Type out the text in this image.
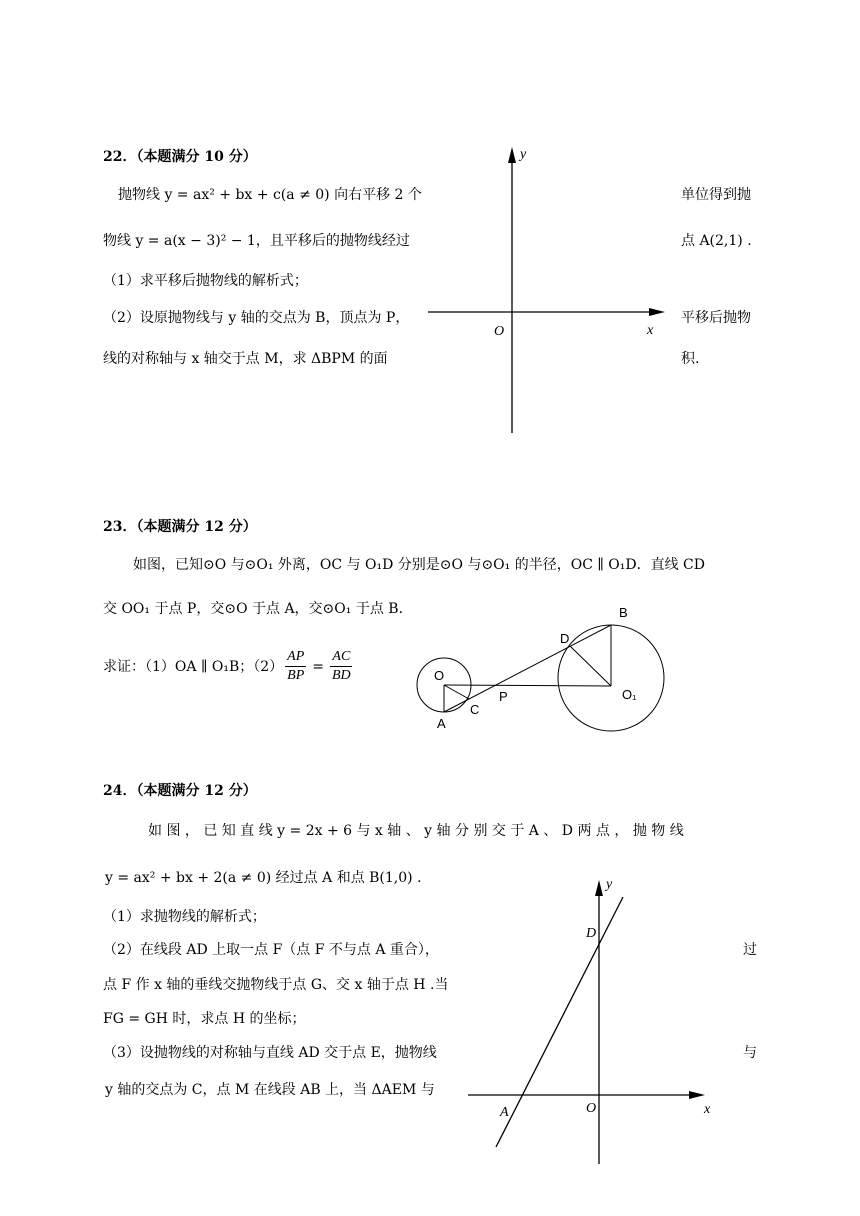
22．（本题满分 10 分）
抛物线 y = ax² + bx + c(a ≠ 0) 向右平移 2 个	单位得到抛
物线 y = a(x − 3)² − 1，且平移后的抛物线经过	点 A(2,1) .
（1）求平移后抛物线的解析式；
（2）设原抛物线与 y 轴的交点为 B，顶点为 P，	平移后抛物
线的对称轴与 x 轴交于点 M，求 ΔBPM 的面	积.
23．（本题满分 12 分）
如图，已知⊙O 与⊙O₁ 外离，OC 与 O₁D 分别是⊙O 与⊙O₁ 的半径，OC ∥ O₁D．直线 CD
交 OO₁ 于点 P，交⊙O 于点 A，交⊙O₁ 于点 B．
求证：（1）OA ∥ O₁B；$(2) \frac{AP}{BP} = \frac{AC}{BD}$
24．（本题满分 12 分）
如 图 ， 已 知 直 线 y = 2x + 6 与 x 轴 、 y 轴 分 别 交 于 A 、 D 两 点 ， 抛 物 线
y = ax² + bx + 2(a ≠ 0) 经过点 A 和点 B(1,0) .
（1）求抛物线的解析式；
（2）在线段 AD 上取一点 F（点 F 不与点 A 重合），	过
点 F 作 x 轴的垂线交抛物线于点 G、交 x 轴于点 H .当
FG = GH 时，求点 H 的坐标；
（3）设抛物线的对称轴与直线 AD 交于点 E，抛物线	与
y 轴的交点为 C，点 M 在线段 AB 上，当 ΔAEM 与
y
x
O
B
D
O
P	O₁
C
A
y
D
A	O	x
